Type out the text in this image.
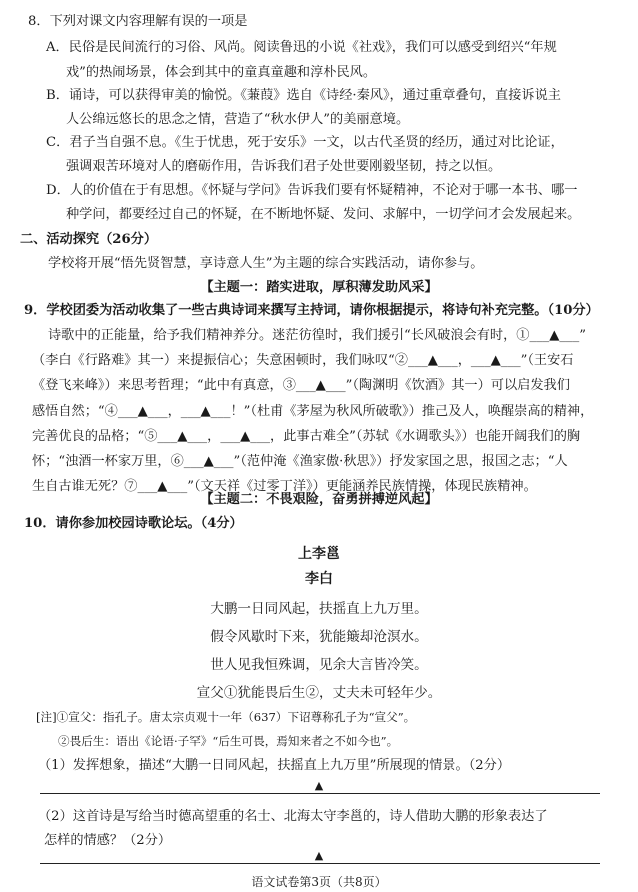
8．下列对课文内容理解有误的一项是
A．民俗是民间流行的习俗、风尚。阅读鲁迅的小说《社戏》，我们可以感受到绍兴“年规
戏”的热闹场景，体会到其中的童真童趣和淳朴民风。
B．诵诗，可以获得审美的愉悦。《蒹葭》选自《诗经·秦风》，通过重章叠句，直接诉说主
人公绵远悠长的思念之情，营造了“秋水伊人”的美丽意境。
C．君子当自强不息。《生于忧患，死于安乐》一文，以古代圣贤的经历，通过对比论证，
强调艰苦环境对人的磨砺作用，告诉我们君子处世要刚毅坚韧，持之以恒。
D．人的价值在于有思想。《怀疑与学问》告诉我们要有怀疑精神，不论对于哪一本书、哪一
种学问，都要经过自己的怀疑，在不断地怀疑、发问、求解中，一切学问才会发展起来。
二、活动探究（26分）
学校将开展“悟先贤智慧，享诗意人生”为主题的综合实践活动，请你参与。
【主题一：踏实进取，厚积薄发助风采】
9．学校团委为活动收集了一些古典诗词来撰写主持词，请你根据提示，将诗句补充完整。（10分）
诗歌中的正能量，给予我们精神养分。迷茫彷徨时，我们援引“长风破浪会有时，①___▲___”
（李白《行路难》其一）来提振信心；失意困顿时，我们咏叹“②___▲___，___▲___”（王安石
《登飞来峰》）来思考哲理；“此中有真意，③___▲___”（陶渊明《饮酒》其一）可以启发我们
感悟自然；“④___▲___，___▲___！”（杜甫《茅屋为秋风所破歌》）推己及人，唤醒崇高的精神，
完善优良的品格；“⑤___▲___，___▲___，此事古难全”（苏轼《水调歌头》）也能开阔我们的胸
怀；“浊酒一杯家万里，⑥___▲___”（范仲淹《渔家傲·秋思》）抒发家国之思，报国之志；“人
生自古谁无死？⑦___▲___”（文天祥《过零丁洋》）更能涵养民族情操，体现民族精神。
【主题二：不畏艰险，奋勇拼搏逆风起】
10．请你参加校园诗歌论坛。（4分）
上李邕
李白
大鹏一日同风起，扶摇直上九万里。
假令风歇时下来，犹能簸却沧溟水。
世人见我恒殊调，见余大言皆冷笑。
宣父①犹能畏后生②，丈夫未可轻年少。
[注]①宣父：指孔子。唐太宗贞观十一年（637）下诏尊称孔子为“宣父”。
②畏后生：语出《论语·子罕》“后生可畏，焉知来者之不如今也”。
（1）发挥想象，描述“大鹏一日同风起，扶摇直上九万里”所展现的情景。（2分）
▲
（2）这首诗是写给当时德高望重的名士、北海太守李邕的，诗人借助大鹏的形象表达了
怎样的情感？（2分）
▲
语文试卷第3页（共8页）
